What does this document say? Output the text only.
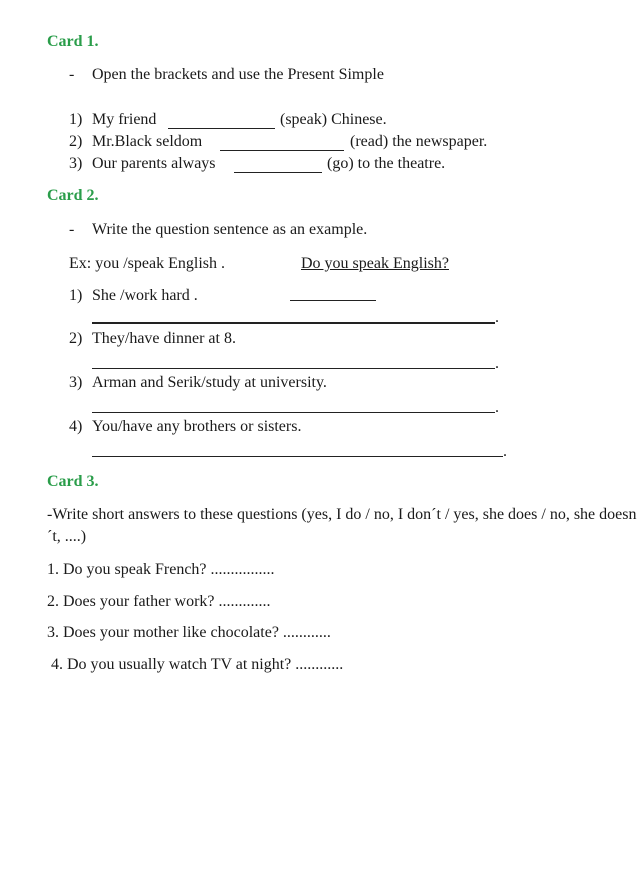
Card 1.
- Open the brackets and use the Present Simple
1) My friend	(speak) Chinese.
2) Mr.Black seldom	(read) the newspaper.
3) Our parents always	(go) to the theatre.
Card 2.
- Write the question sentence as an example.
Ex: you /speak English .	Do you speak English?
1) She /work hard .
.
2) They/have dinner at 8.
.
3) Arman and Serik/study at university.
.
4) You/have any brothers or sisters.
.
Card 3.
-Write short answers to these questions (yes, I do / no, I don´t / yes, she does / no, she doesn´t, ....)
1. Do you speak French? ................
2. Does your father work? .............
3. Does your mother like chocolate? ............
4. Do you usually watch TV at night? ............
